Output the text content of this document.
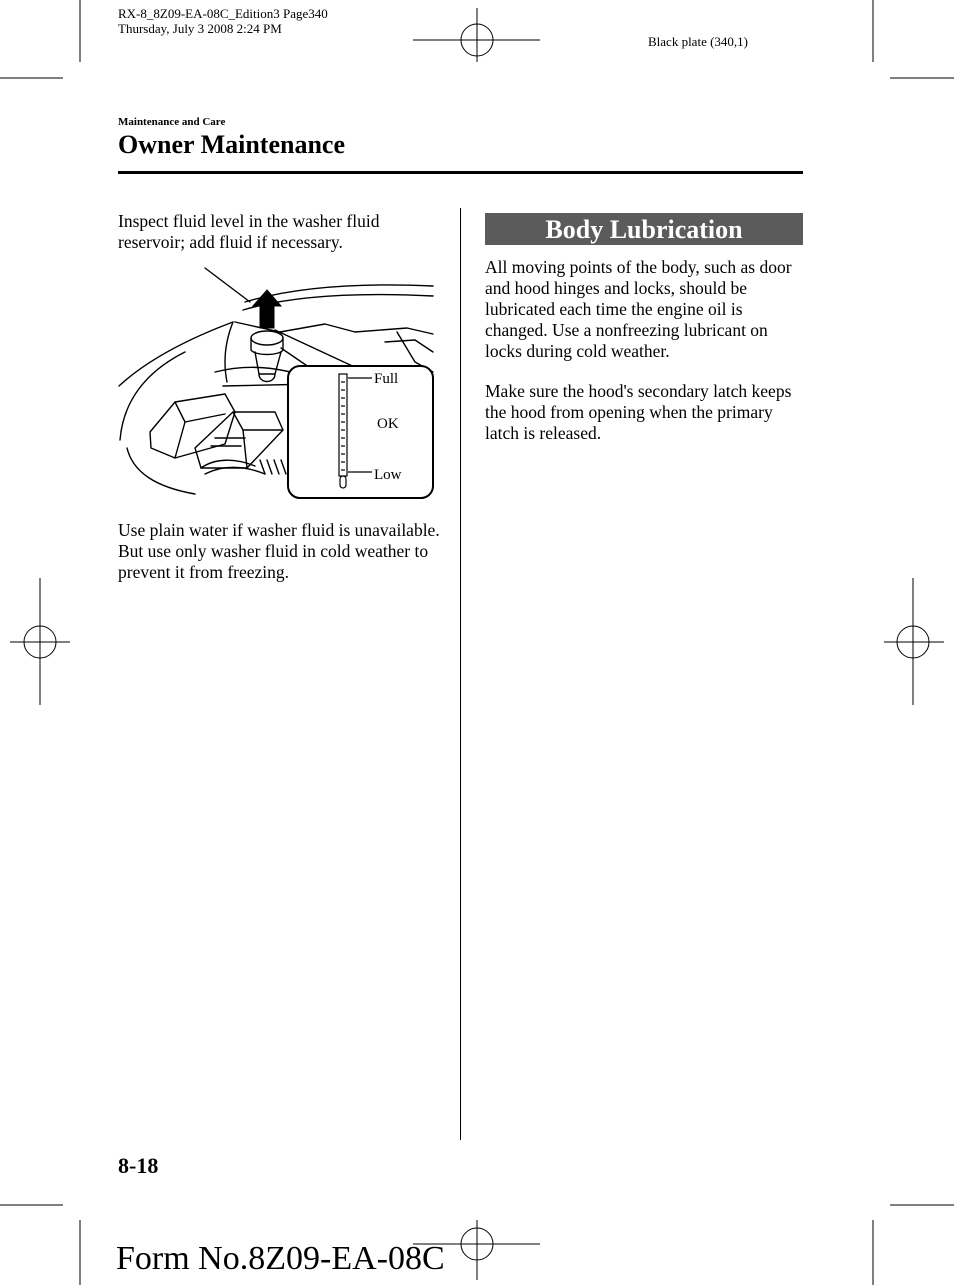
RX-8_8Z09-EA-08C_Edition3 Page340
Thursday, July 3 2008 2:24 PM
Black plate (340,1)
Maintenance and Care
Owner Maintenance
Inspect fluid level in the washer fluid reservoir; add fluid if necessary.
Full
OK
Low
Use plain water if washer fluid is unavailable.
But use only washer fluid in cold weather to prevent it from freezing.
Body Lubrication
All moving points of the body, such as door and hood hinges and locks, should be lubricated each time the engine oil is changed. Use a nonfreezing lubricant on locks during cold weather.
Make sure the hood's secondary latch keeps the hood from opening when the primary latch is released.
8-18
Form No.8Z09-EA-08C
